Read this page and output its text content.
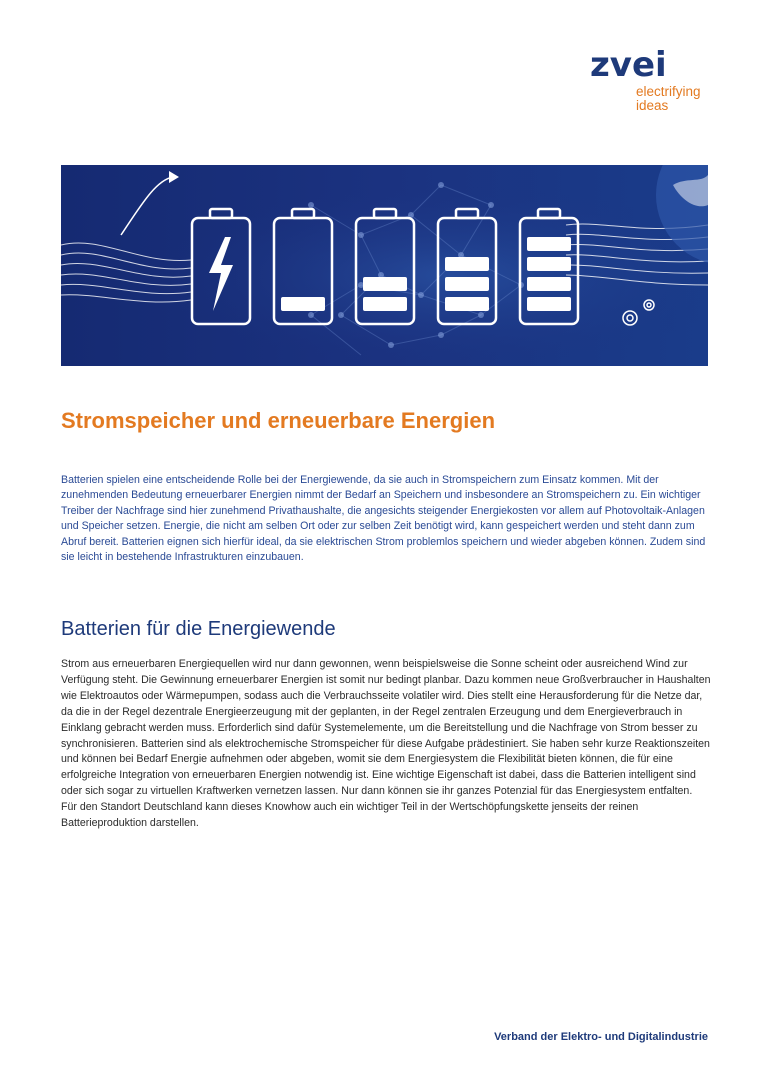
zvei
electrifying
ideas
Stromspeicher und erneuerbare Energien

Batterien spielen eine entscheidende Rolle bei der Energiewende, da sie auch in Stromspeichern zum Einsatz kommen. Mit der zunehmenden Bedeutung erneuerbarer Energien nimmt der Bedarf an Speichern und insbesondere an Stromspeichern zu. Ein wichtiger Treiber der Nachfrage sind hier zunehmend Privathaushalte, die angesichts steigender Energiekosten vor allem auf Photovoltaik-Anlagen und Speicher setzen. Energie, die nicht am selben Ort oder zur selben Zeit benötigt wird, kann gespeichert werden und steht dann zum Abruf bereit. Batterien eignen sich hierfür ideal, da sie elektrischen Strom problemlos speichern und wieder abgeben können. Zudem sind sie leicht in bestehende Infrastrukturen einzubauen.

Batterien für die Energiewende

Strom aus erneuerbaren Energiequellen wird nur dann gewonnen, wenn beispielsweise die Sonne scheint oder ausreichend Wind zur Verfügung steht. Die Gewinnung erneuerbarer Energien ist somit nur bedingt planbar. Dazu kommen neue Großverbraucher in Haushalten wie Elektroautos oder Wärmepumpen, sodass auch die Verbrauchsseite volatiler wird. Dies stellt eine Herausforderung für die Netze dar, da die in der Regel dezentrale Energieerzeugung mit der geplanten, in der Regel zentralen Erzeugung und dem Energieverbrauch in Einklang gebracht werden muss. Erforderlich sind dafür Systemelemente, um die Bereitstellung und die Nachfrage von Strom besser zu synchronisieren. Batterien sind als elektrochemische Stromspeicher für diese Aufgabe prädestiniert. Sie haben sehr kurze Reaktionszeiten und können bei Bedarf Energie aufnehmen oder abgeben, womit sie dem Energiesystem die Flexibilität bieten können, die für eine erfolgreiche Integration von erneuerbaren Energien notwendig ist. Eine wichtige Eigenschaft ist dabei, dass die Batterien intelligent sind oder sich sogar zu virtuellen Kraftwerken vernetzen lassen. Nur dann können sie ihr ganzes Potenzial für das Energiesystem entfalten. Für den Standort Deutschland kann dieses Knowhow auch ein wichtiger Teil in der Wertschöpfungskette jenseits der reinen Batterieproduktion darstellen.

Verband der Elektro- und Digitalindustrie
